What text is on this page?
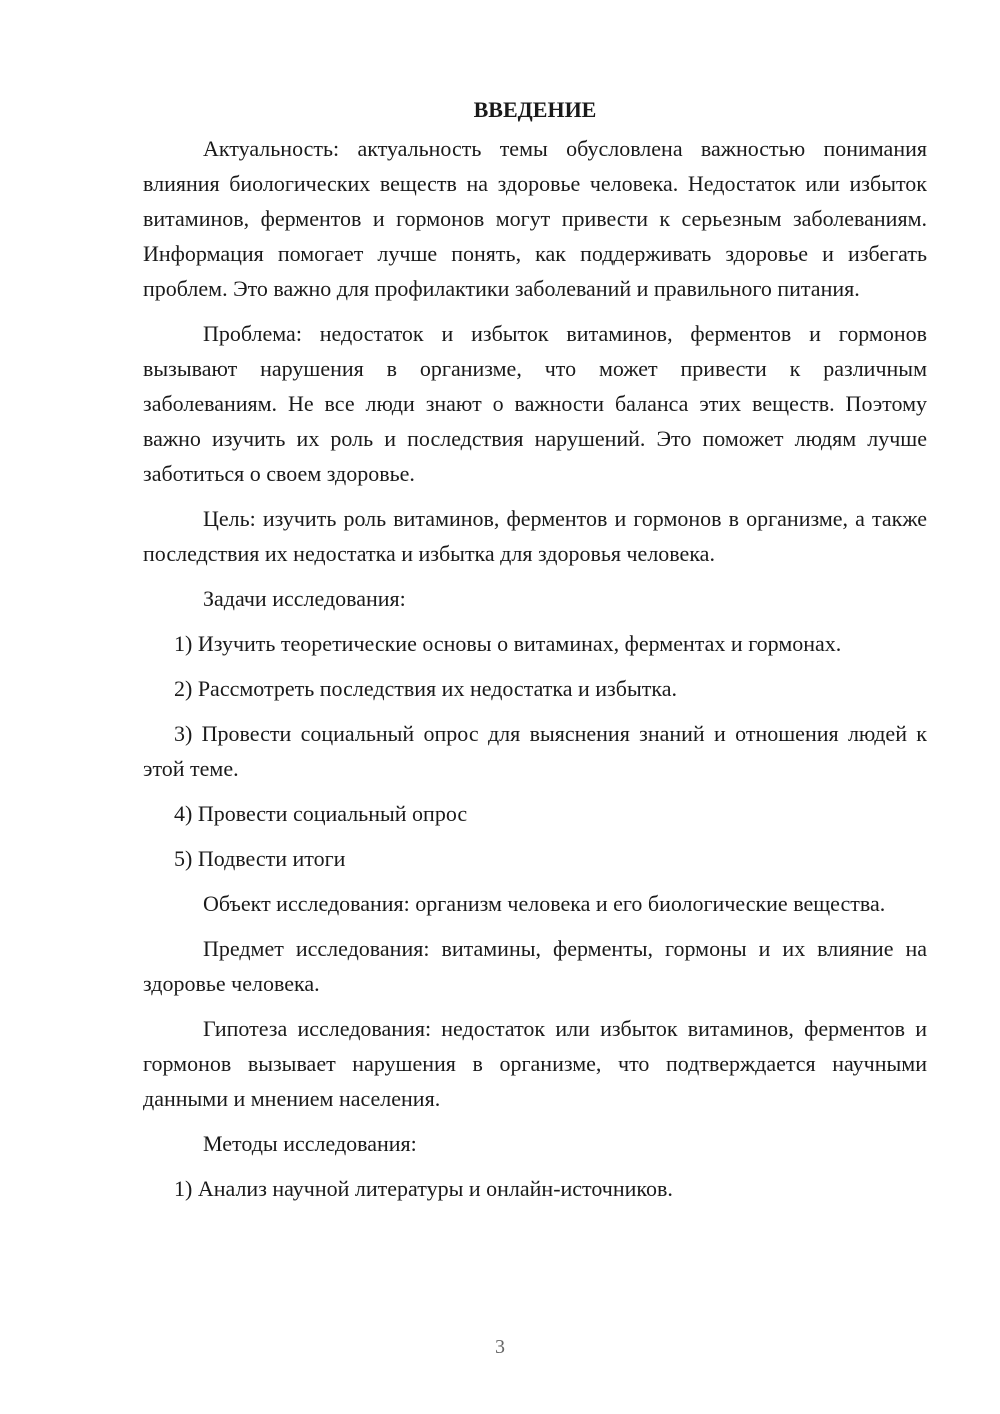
ВВЕДЕНИЕ

Актуальность: актуальность темы обусловлена важностью понимания влияния биологических веществ на здоровье человека. Недостаток или избыток витаминов, ферментов и гормонов могут привести к серьезным заболеваниям. Информация помогает лучше понять, как поддерживать здоровье и избегать проблем. Это важно для профилактики заболеваний и правильного питания.

Проблема: недостаток и избыток витаминов, ферментов и гормонов вызывают нарушения в организме, что может привести к различным заболеваниям. Не все люди знают о важности баланса этих веществ. Поэтому важно изучить их роль и последствия нарушений. Это поможет людям лучше заботиться о своем здоровье.

Цель: изучить роль витаминов, ферментов и гормонов в организме, а также последствия их недостатка и избытка для здоровья человека.

Задачи исследования:

1) Изучить теоретические основы о витаминах, ферментах и гормонах.

2) Рассмотреть последствия их недостатка и избытка.

3) Провести социальный опрос для выяснения знаний и отношения людей к этой теме.

4) Провести социальный опрос

5) Подвести итоги

Объект исследования: организм человека и его биологические вещества.

Предмет исследования: витамины, ферменты, гормоны и их влияние на здоровье человека.

Гипотеза исследования: недостаток или избыток витаминов, ферментов и гормонов вызывает нарушения в организме, что подтверждается научными данными и мнением населения.

Методы исследования:

1) Анализ научной литературы и онлайн-источников.

3
